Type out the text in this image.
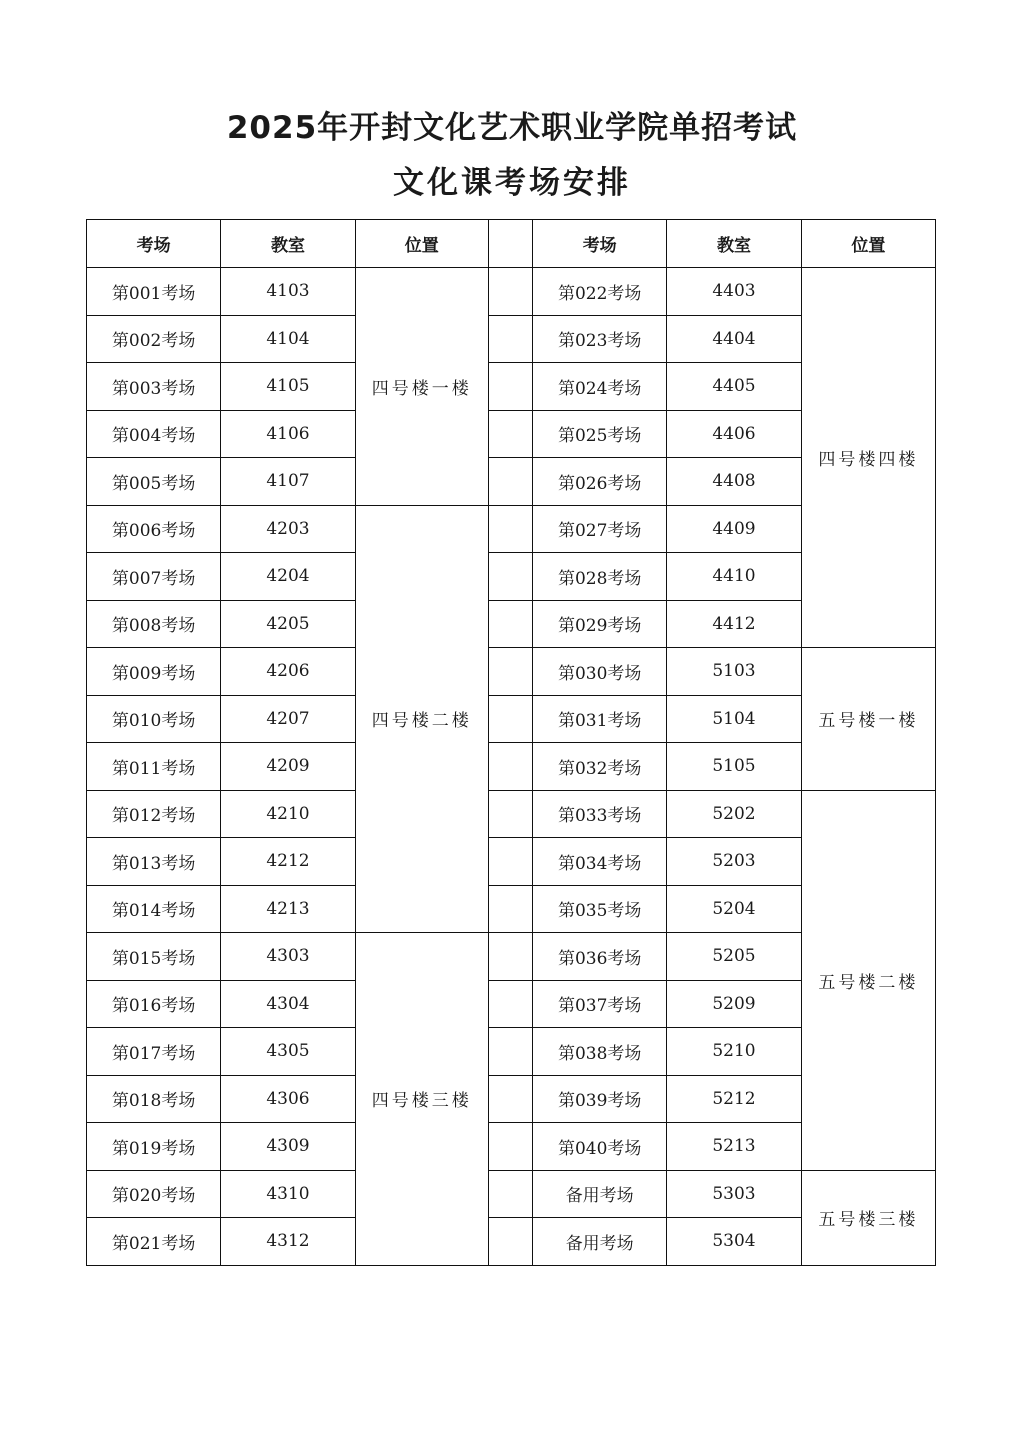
2025年开封文化艺术职业学院单招考试
文化课考场安排
考场	教室	位置		考场	教室	位置
第001考场	4103	四号楼一楼		第022考场	4403	四号楼四楼
第002考场	4104			第023考场	4404	
第003考场	4105			第024考场	4405	
第004考场	4106			第025考场	4406	
第005考场	4107			第026考场	4408	
第006考场	4203	四号楼二楼		第027考场	4409	
第007考场	4204			第028考场	4410	
第008考场	4205			第029考场	4412	
第009考场	4206			第030考场	5103	五号楼一楼
第010考场	4207			第031考场	5104	
第011考场	4209			第032考场	5105	
第012考场	4210			第033考场	5202	五号楼二楼
第013考场	4212			第034考场	5203	
第014考场	4213			第035考场	5204	
第015考场	4303	四号楼三楼		第036考场	5205	
第016考场	4304			第037考场	5209	
第017考场	4305			第038考场	5210	
第018考场	4306			第039考场	5212	
第019考场	4309			第040考场	5213	
第020考场	4310			备用考场	5303	五号楼三楼
第021考场	4312			备用考场	5304	
